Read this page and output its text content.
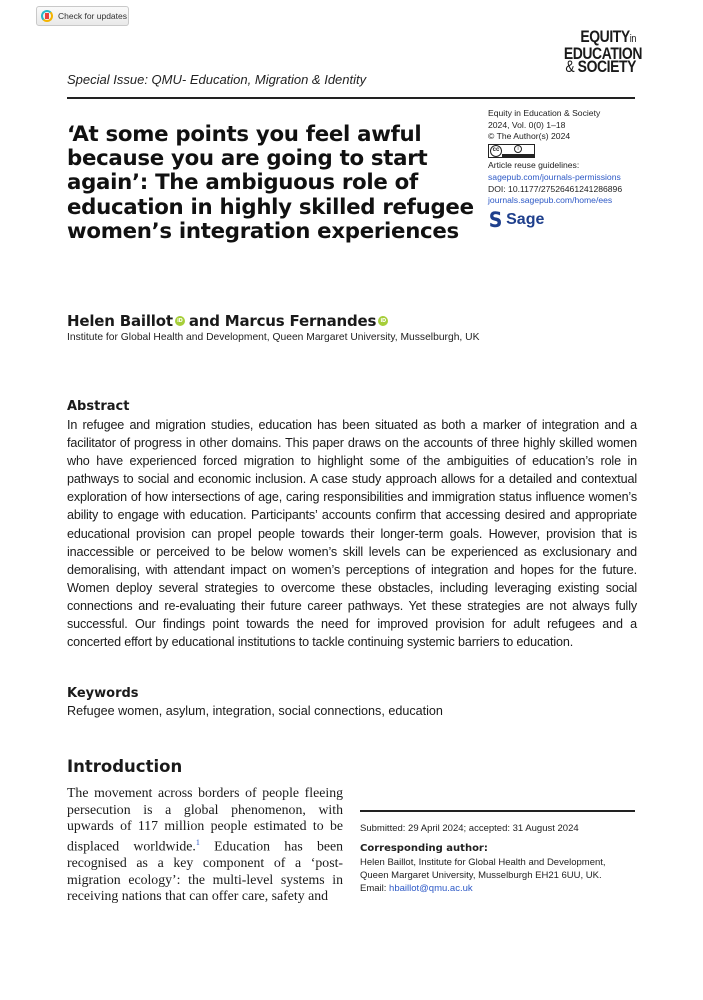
Check for updates
Special Issue: QMU- Education, Migration & Identity
EQUITYin
EDUCATION
& SOCIETY
Equity in Education & Society
2024, Vol. 0(0) 1–18
© The Author(s) 2024
cc	i
Article reuse guidelines:
sagepub.com/journals-permissions
DOI: 10.1177/27526461241286896
journals.sagepub.com/home/ees
S Sage
‘At some points you feel awful because you are going to start again’: The ambiguous role of education in highly skilled refugee women’s integration experiences
Helen Baillot iD and Marcus Fernandes iD
Institute for Global Health and Development, Queen Margaret University, Musselburgh, UK
Abstract
In refugee and migration studies, education has been situated as both a marker of integration and a facilitator of progress in other domains. This paper draws on the accounts of three highly skilled women who have experienced forced migration to highlight some of the ambiguities of education’s role in pathways to social and economic inclusion. A case study approach allows for a detailed and contextual exploration of how intersections of age, caring responsibilities and immigration status influence women’s ability to engage with education. Participants’ accounts confirm that accessing desired and appropriate educational provision can propel people towards their longer-term goals. However, provision that is inaccessible or perceived to be below women’s skill levels can be experienced as exclusionary and demoralising, with attendant impact on women’s perceptions of integration and hopes for the future. Women deploy several strategies to overcome these obstacles, including leveraging existing social connections and re-evaluating their future career pathways. Yet these strategies are not always fully successful. Our findings point towards the need for improved provision for adult refugees and a concerted effort by educational institutions to tackle continuing systemic barriers to education.
Keywords
Refugee women, asylum, integration, social connections, education
Introduction
The movement across borders of people fleeing persecution is a global phenomenon, with upwards of 117 million people estimated to be displaced worldwide.$^1$ Education has been recognised as a key component of a ‘post-migration ecology’: the multi-level systems in receiving nations that can offer care, safety and
Submitted: 29 April 2024; accepted: 31 August 2024
Corresponding author:
Helen Baillot, Institute for Global Health and Development,
Queen Margaret University, Musselburgh EH21 6UU, UK.
Email: hbaillot@qmu.ac.uk
